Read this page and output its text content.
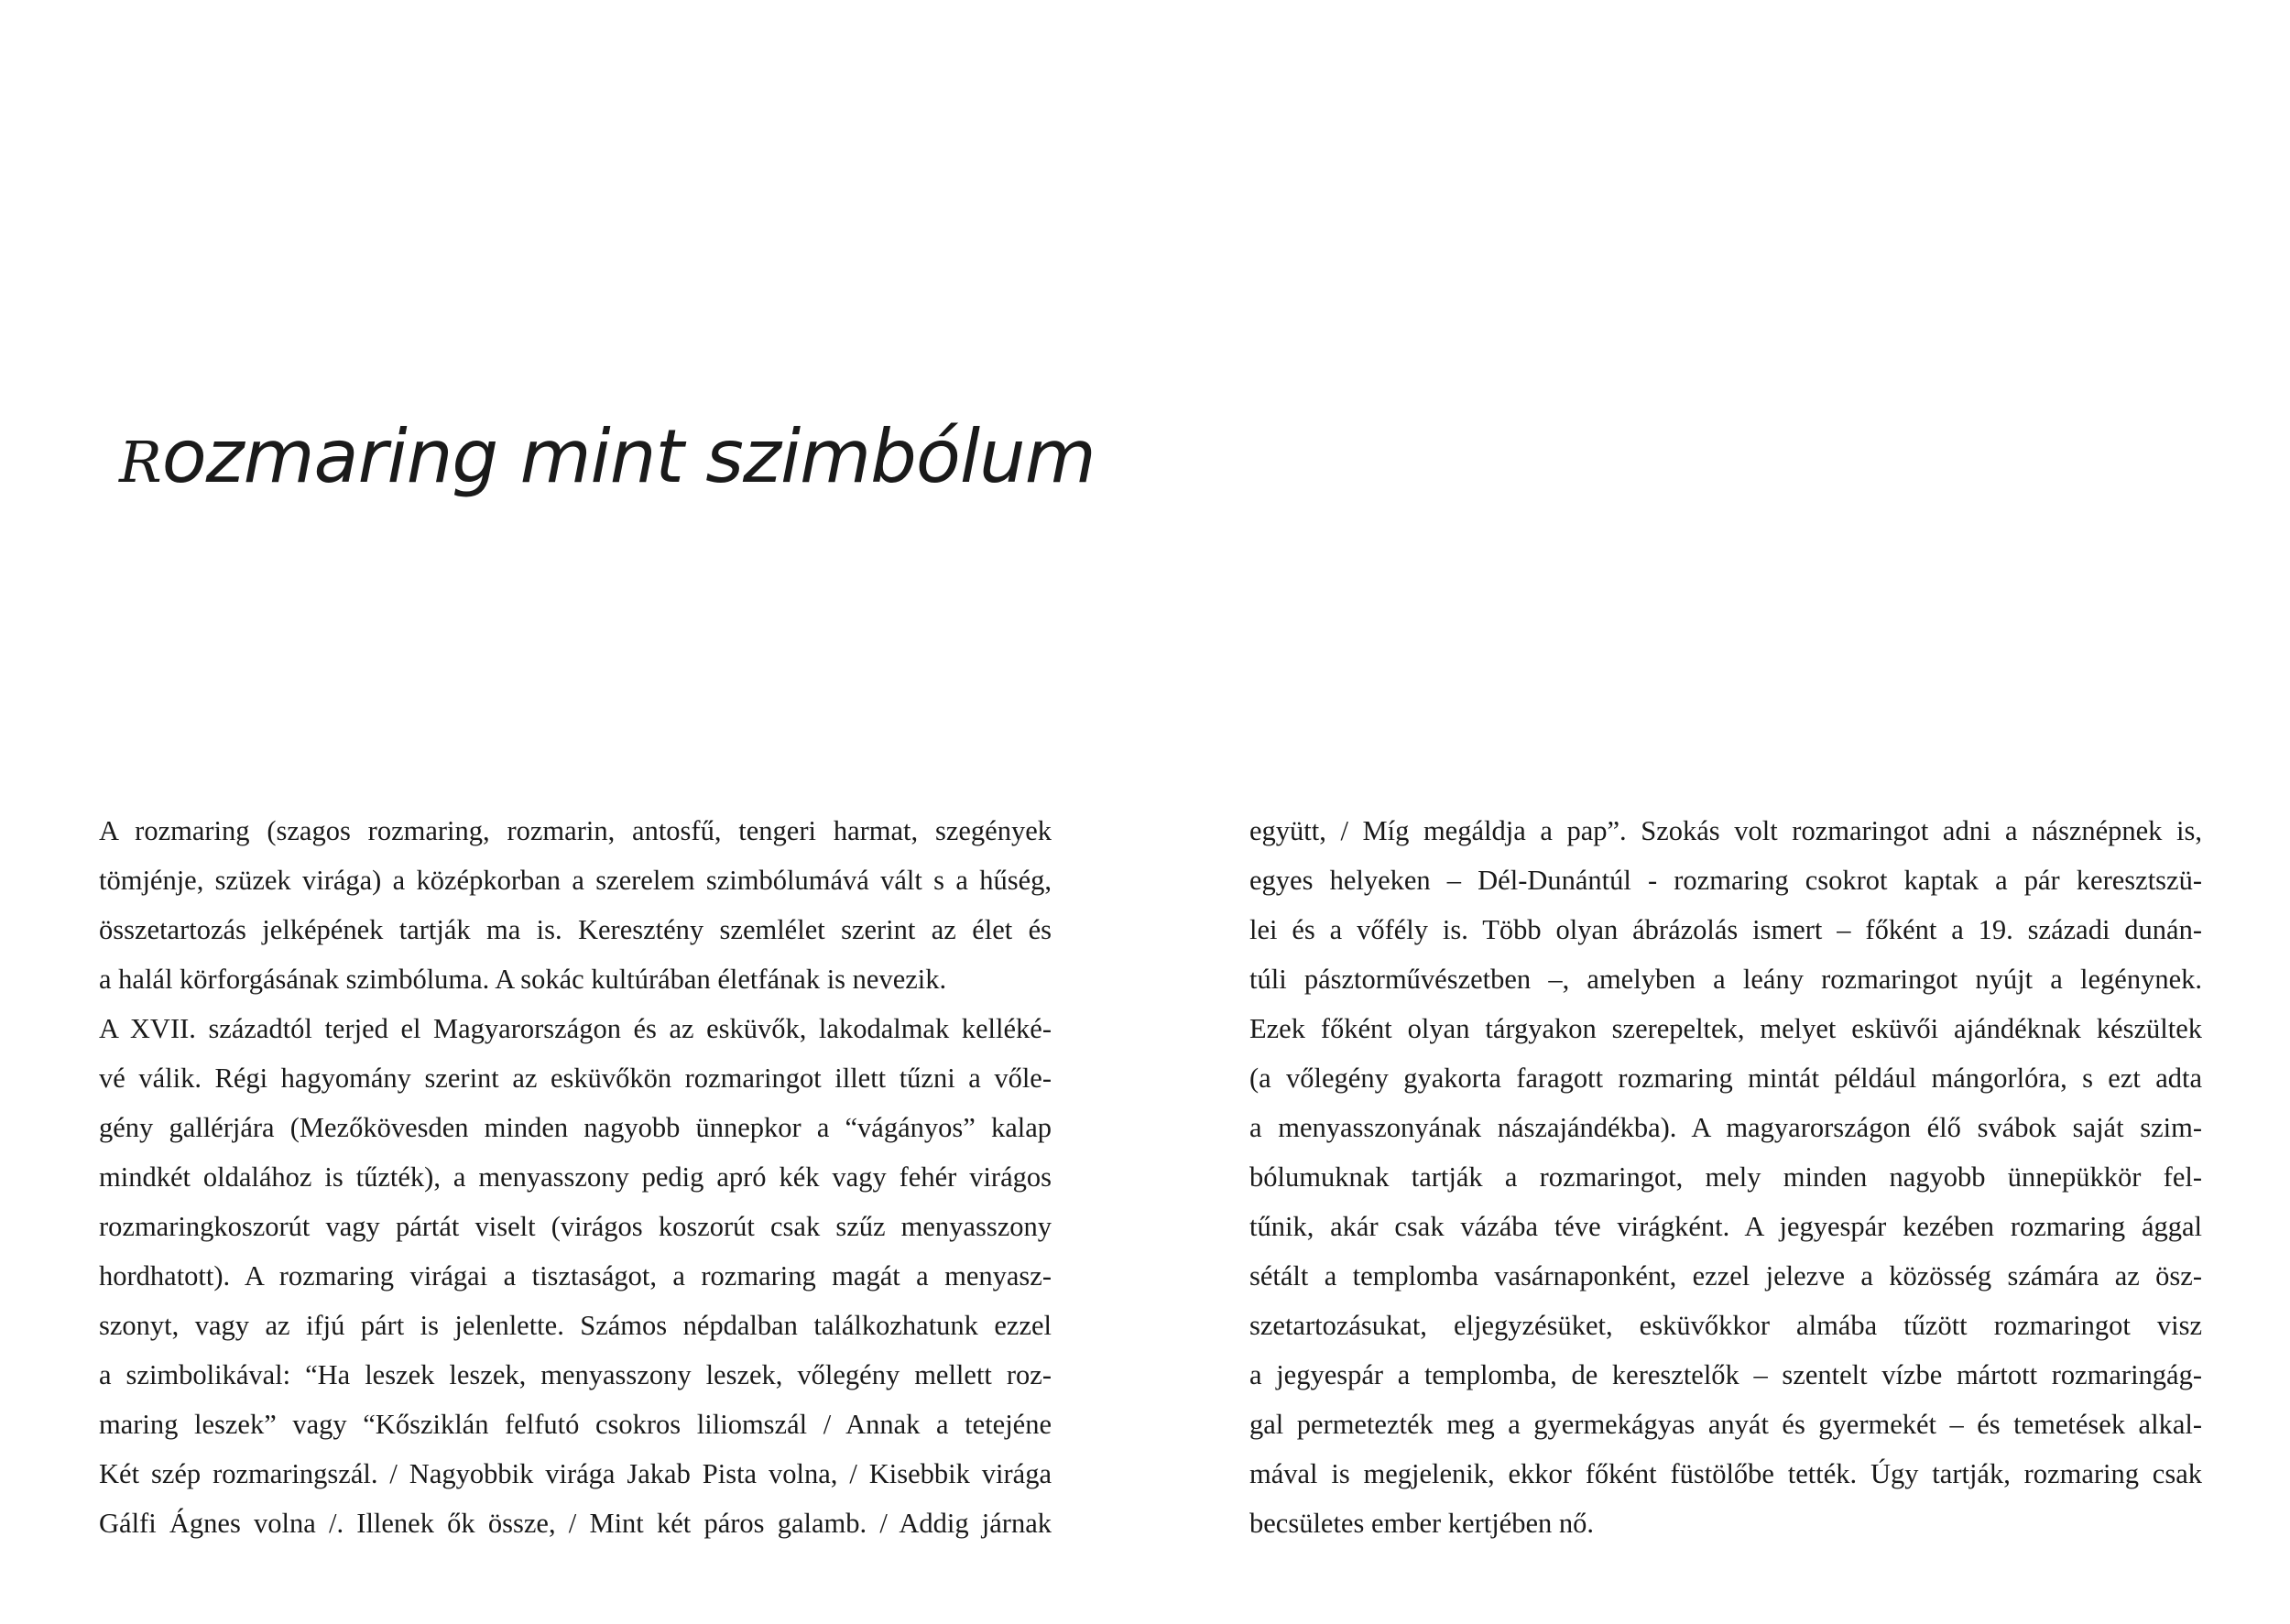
Rozmaring mint szimbólum
A rozmaring (szagos rozmaring, rozmarin, antosfű, tengeri harmat, szegények
tömjénje, szüzek virága) a középkorban a szerelem szimbólumává vált s a hűség,
összetartozás jelképének tartják ma is. Keresztény szemlélet szerint az élet és
a halál körforgásának szimbóluma. A sokác kultúrában életfának is nevezik.
A XVII. századtól terjed el Magyarországon és az esküvők, lakodalmak kelléké-
vé válik. Régi hagyomány szerint az esküvőkön rozmaringot illett tűzni a vőle-
gény gallérjára (Mezőkövesden minden nagyobb ünnepkor a “vágányos” kalap
mindkét oldalához is tűzték), a menyasszony pedig apró kék vagy fehér virágos
rozmaringkoszorút vagy pártát viselt (virágos koszorút csak szűz menyasszony
hordhatott). A rozmaring virágai a tisztaságot, a rozmaring magát a menyasz-
szonyt, vagy az ifjú párt is jelenlette. Számos népdalban találkozhatunk ezzel
a szimbolikával: “Ha leszek leszek, menyasszony leszek, vőlegény mellett roz-
maring leszek” vagy “Kősziklán felfutó csokros liliomszál / Annak a tetejéne
Két szép rozmaringszál. / Nagyobbik virága Jakab Pista volna, / Kisebbik virága
Gálfi Ágnes volna /. Illenek ők össze, / Mint két páros galamb. / Addig járnak
együtt, / Míg megáldja a pap”. Szokás volt rozmaringot adni a násznépnek is,
egyes helyeken – Dél-Dunántúl - rozmaring csokrot kaptak a pár keresztszü-
lei és a vőfély is. Több olyan ábrázolás ismert – főként a 19. századi dunán-
túli pásztorművészetben –, amelyben a leány rozmaringot nyújt a legénynek.
Ezek főként olyan tárgyakon szerepeltek, melyet esküvői ajándéknak készültek
(a vőlegény gyakorta faragott rozmaring mintát például mángorlóra, s ezt adta
a menyasszonyának nászajándékba). A magyarországon élő svábok saját szim-
bólumuknak tartják a rozmaringot, mely minden nagyobb ünnepükkör fel-
tűnik, akár csak vázába téve virágként. A jegyespár kezében rozmaring ággal
sétált a templomba vasárnaponként, ezzel jelezve a közösség számára az ösz-
szetartozásukat, eljegyzésüket, esküvőkkor almába tűzött rozmaringot visz
a jegyespár a templomba, de keresztelők – szentelt vízbe mártott rozmaringág-
gal permetezték meg a gyermekágyas anyát és gyermekét – és temetések alkal-
mával is megjelenik, ekkor főként füstölőbe tették. Úgy tartják, rozmaring csak
becsületes ember kertjében nő.
